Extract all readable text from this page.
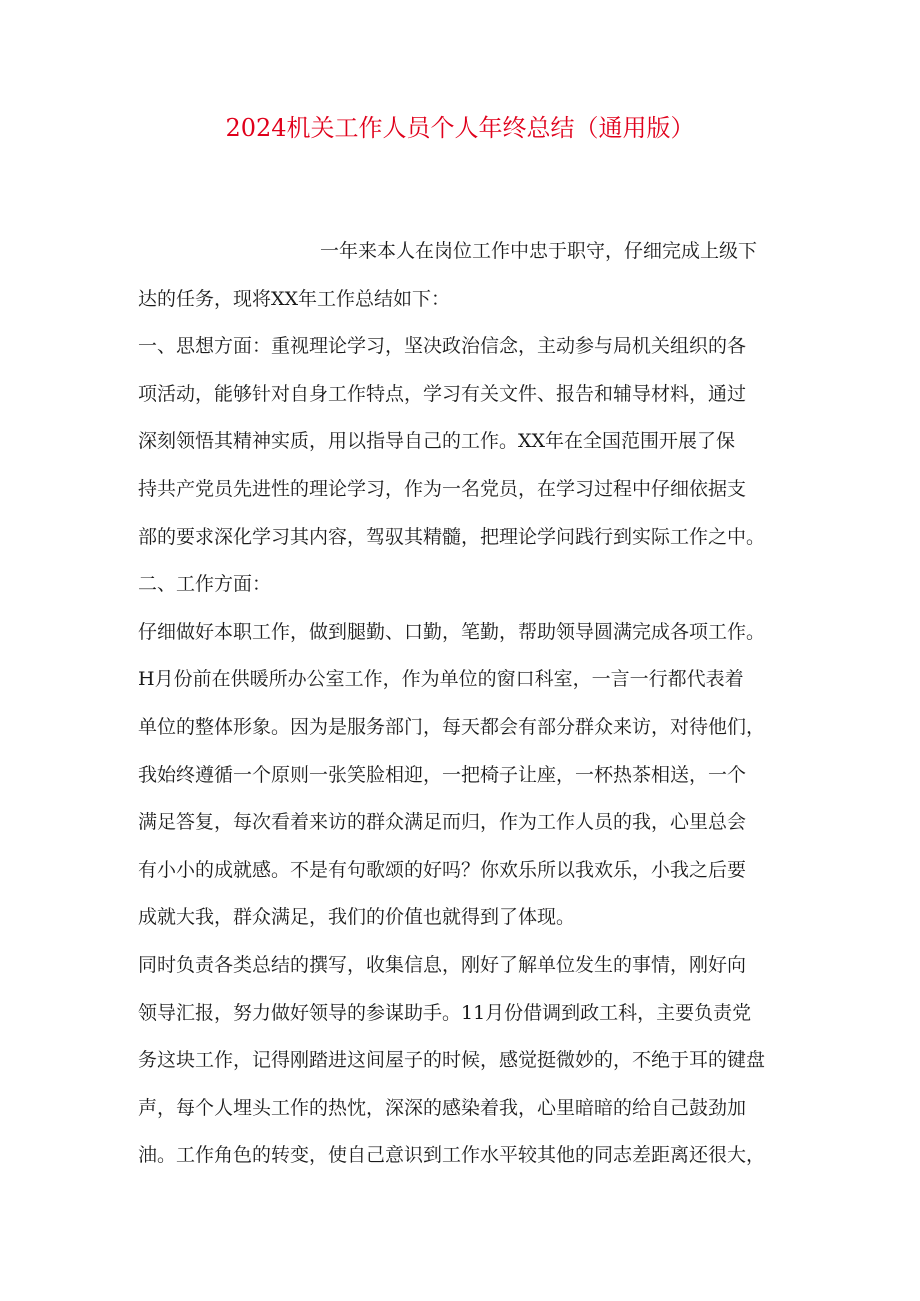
2024机关工作人员个人年终总结（通用版）
一年来本人在岗位工作中忠于职守，仔细完成上级下
达的任务，现将XX年工作总结如下：
一、思想方面：重视理论学习，坚决政治信念，主动参与局机关组织的各
项活动，能够针对自身工作特点，学习有关文件、报告和辅导材料，通过
深刻领悟其精神实质，用以指导自己的工作。XX年在全国范围开展了保
持共产党员先进性的理论学习，作为一名党员，在学习过程中仔细依据支
部的要求深化学习其内容，驾驭其精髓，把理论学问践行到实际工作之中。
二、工作方面：
仔细做好本职工作，做到腿勤、口勤，笔勤，帮助领导圆满完成各项工作。
H月份前在供暖所办公室工作，作为单位的窗口科室，一言一行都代表着
单位的整体形象。因为是服务部门，每天都会有部分群众来访，对待他们，
我始终遵循一个原则一张笑脸相迎，一把椅子让座，一杯热茶相送，一个
满足答复，每次看着来访的群众满足而归，作为工作人员的我，心里总会
有小小的成就感。不是有句歌颂的好吗？你欢乐所以我欢乐，小我之后要
成就大我，群众满足，我们的价值也就得到了体现。
同时负责各类总结的撰写，收集信息，刚好了解单位发生的事情，刚好向
领导汇报，努力做好领导的参谋助手。11月份借调到政工科，主要负责党
务这块工作，记得刚踏进这间屋子的时候，感觉挺微妙的，不绝于耳的键盘
声，每个人埋头工作的热忱，深深的感染着我，心里暗暗的给自己鼓劲加
油。工作角色的转变，使自己意识到工作水平较其他的同志差距离还很大，
